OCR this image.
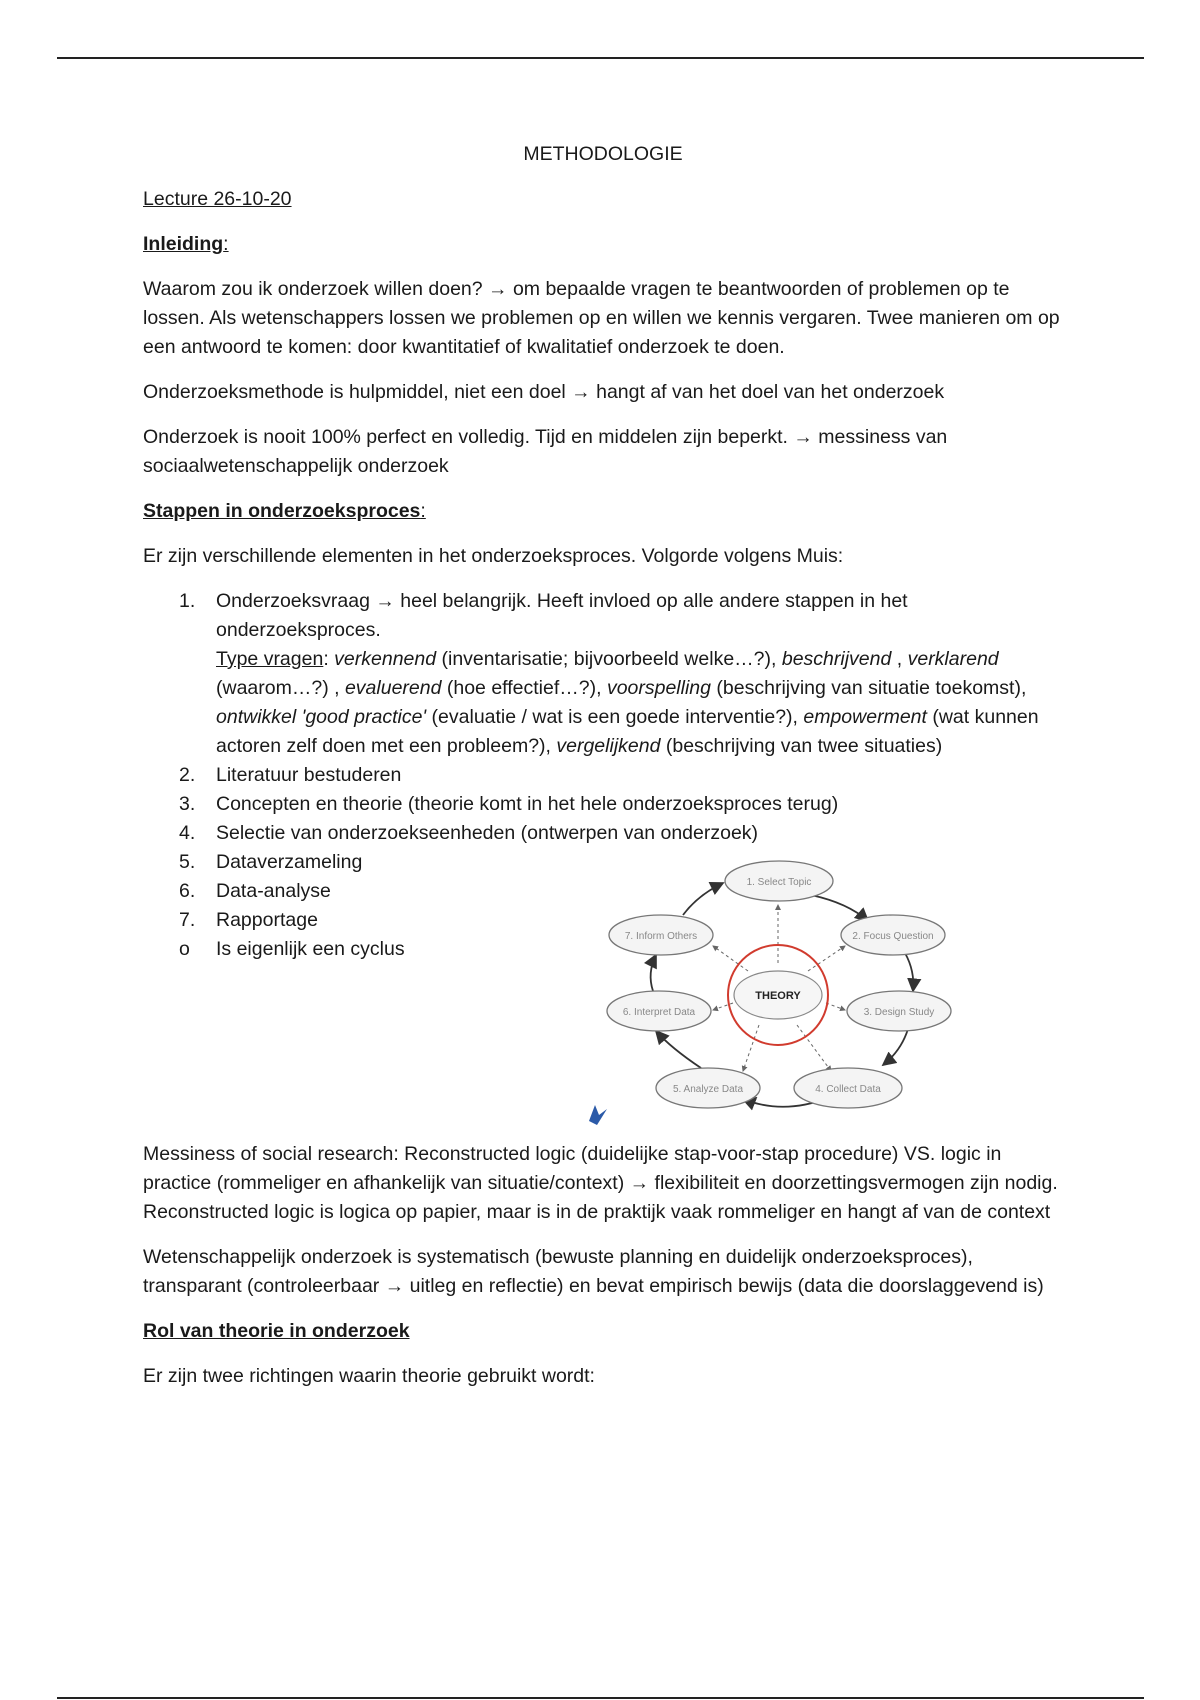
METHODOLOGIE

Lecture 26-10-20

Inleiding:

Waarom zou ik onderzoek willen doen? → om bepaalde vragen te beantwoorden of problemen op te lossen. Als wetenschappers lossen we problemen op en willen we kennis vergaren. Twee manieren om op een antwoord te komen: door kwantitatief of kwalitatief onderzoek te doen.

Onderzoeksmethode is hulpmiddel, niet een doel → hangt af van het doel van het onderzoek

Onderzoek is nooit 100% perfect en volledig. Tijd en middelen zijn beperkt. → messiness van sociaalwetenschappelijk onderzoek

Stappen in onderzoeksproces:

Er zijn verschillende elementen in het onderzoeksproces. Volgorde volgens Muis:

1. Onderzoeksvraag → heel belangrijk. Heeft invloed op alle andere stappen in het onderzoeksproces.
Type vragen: verkennend (inventarisatie; bijvoorbeeld welke…?), beschrijvend , verklarend (waarom…?) , evaluerend (hoe effectief…?), voorspelling (beschrijving van situatie toekomst), ontwikkel 'good practice' (evaluatie / wat is een goede interventie?), empowerment (wat kunnen actoren zelf doen met een probleem?), vergelijkend (beschrijving van twee situaties)
2. Literatuur bestuderen
3. Concepten en theorie (theorie komt in het hele onderzoeksproces terug)
4. Selectie van onderzoekseenheden (ontwerpen van onderzoek)
5. Dataverzameling
6. Data-analyse
7. Rapportage
o Is eigenlijk een cyclus
THEORY
1. Select Topic
2. Focus Question
3. Design Study
4. Collect Data
5. Analyze Data
6. Interpret Data
7. Inform Others

Messiness of social research: Reconstructed logic (duidelijke stap-voor-stap procedure) VS. logic in practice (rommeliger en afhankelijk van situatie/context) → flexibiliteit en doorzettingsvermogen zijn nodig. Reconstructed logic is logica op papier, maar is in de praktijk vaak rommeliger en hangt af van de context

Wetenschappelijk onderzoek is systematisch (bewuste planning en duidelijk onderzoeksproces), transparant (controleerbaar → uitleg en reflectie) en bevat empirisch bewijs (data die doorslaggevend is)

Rol van theorie in onderzoek

Er zijn twee richtingen waarin theorie gebruikt wordt:
